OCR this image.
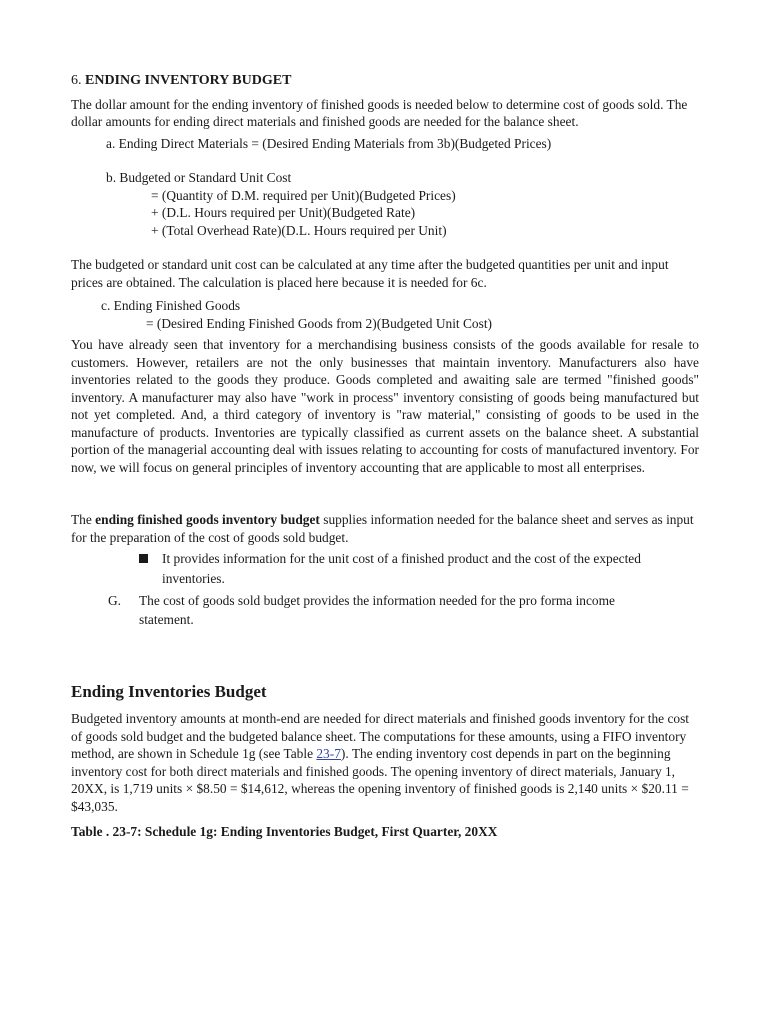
6. ENDING INVENTORY BUDGET

The dollar amount for the ending inventory of finished goods is needed below to determine cost of goods sold. The dollar amounts for ending direct materials and finished goods are needed for the balance sheet.

a. Ending Direct Materials = (Desired Ending Materials from 3b)(Budgeted Prices)

b. Budgeted or Standard Unit Cost
= (Quantity of D.M. required per Unit)(Budgeted Prices)
+ (D.L. Hours required per Unit)(Budgeted Rate)
+ (Total Overhead Rate)(D.L. Hours required per Unit)

The budgeted or standard unit cost can be calculated at any time after the budgeted quantities per unit and input prices are obtained. The calculation is placed here because it is needed for 6c.

c. Ending Finished Goods
= (Desired Ending Finished Goods from 2)(Budgeted Unit Cost)

You have already seen that inventory for a merchandising business consists of the goods available for resale to customers. However, retailers are not the only businesses that maintain inventory. Manufacturers also have inventories related to the goods they produce. Goods completed and awaiting sale are termed "finished goods" inventory. A manufacturer may also have "work in process" inventory consisting of goods being manufactured but not yet completed. And, a third category of inventory is "raw material," consisting of goods to be used in the manufacture of products. Inventories are typically classified as current assets on the balance sheet. A substantial portion of the managerial accounting deal with issues relating to accounting for costs of manufactured inventory. For now, we will focus on general principles of inventory accounting that are applicable to most all enterprises.

The ending finished goods inventory budget supplies information needed for the balance sheet and serves as input for the preparation of the cost of goods sold budget.

It provides information for the unit cost of a finished product and the cost of the expected inventories.
G.	The cost of goods sold budget provides the information needed for the pro forma income statement.
Ending Inventories Budget

Budgeted inventory amounts at month-end are needed for direct materials and finished goods inventory for the cost of goods sold budget and the budgeted balance sheet. The computations for these amounts, using a FIFO inventory method, are shown in Schedule 1g (see Table 23-7). The ending inventory cost depends in part on the beginning inventory cost for both direct materials and finished goods. The opening inventory of direct materials, January 1, 20XX, is 1,719 units × $8.50 = $14,612, whereas the opening inventory of finished goods is 2,140 units × $20.11 = $43,035.

Table . 23-7: Schedule 1g: Ending Inventories Budget, First Quarter, 20XX
